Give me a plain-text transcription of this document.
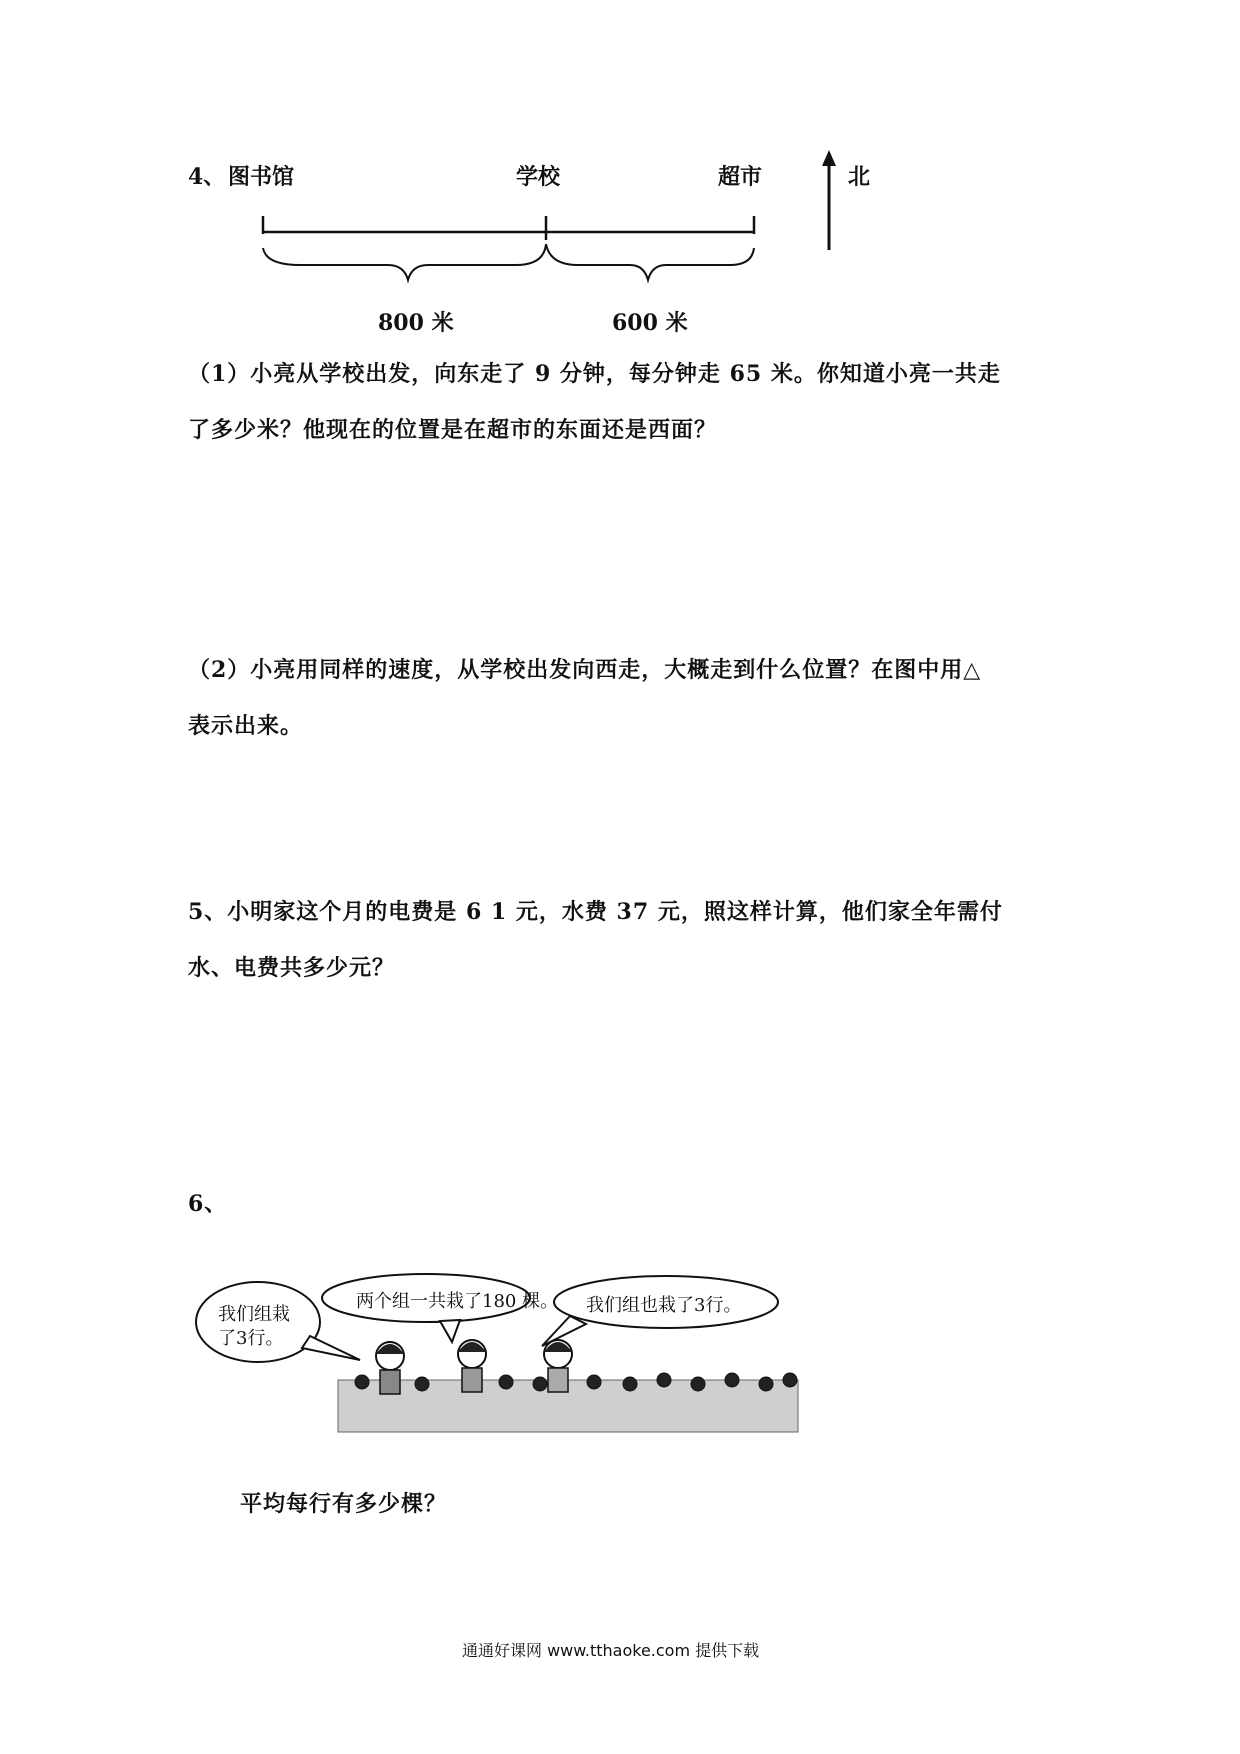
4、 图书馆	学校	超市	北
800 米	600 米
（1）小亮从学校出发，向东走了 9 分钟，每分钟走 65 米。你知道小亮一共走
了多少米？他现在的位置是在超市的东面还是西面？
（2）小亮用同样的速度，从学校出发向西走，大概走到什么位置？在图中用△
表示出来。
5、小明家这个月的电费是 6 1 元，水费 37 元，照这样计算，他们家全年需付
水、电费共多少元？
6、
我们组栽
了3行。
两个组一共栽了180 棵。 我们组也栽了3行。
平均每行有多少棵？
通通好课网 www.tthaoke.com 提供下载
